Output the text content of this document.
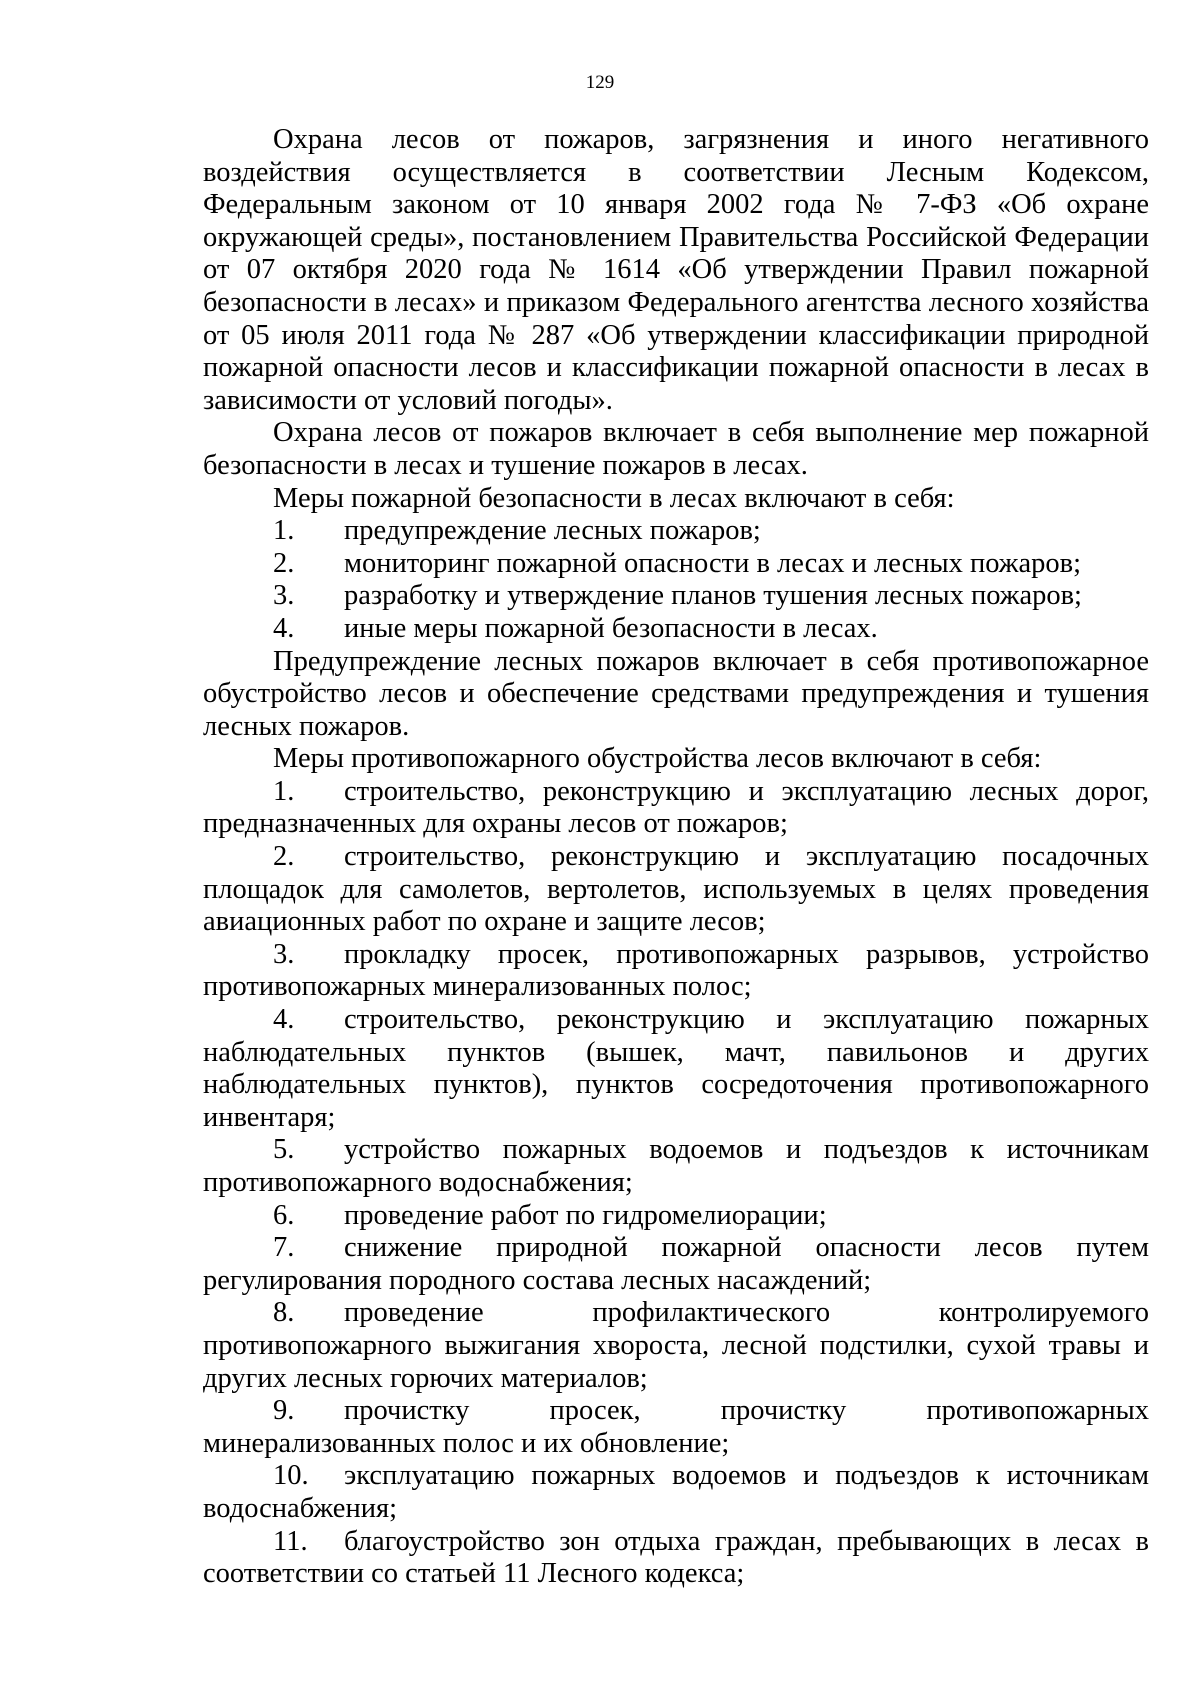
129

Охрана лесов от пожаров, загрязнения и иного негативного воздействия осуществляется в соответствии Лесным Кодексом, Федеральным законом от 10 января 2002 года № 7-ФЗ «Об охране окружающей среды», постановлением Правительства Российской Федерации от 07 октября 2020 года № 1614 «Об утверждении Правил пожарной безопасности в лесах» и приказом Федерального агентства лесного хозяйства от 05 июля 2011 года № 287 «Об утверждении классификации природной пожарной опасности лесов и классификации пожарной опасности в лесах в зависимости от условий погоды».

Охрана лесов от пожаров включает в себя выполнение мер пожарной безопасности в лесах и тушение пожаров в лесах.

Меры пожарной безопасности в лесах включают в себя:

1. предупреждение лесных пожаров;

2. мониторинг пожарной опасности в лесах и лесных пожаров;

3. разработку и утверждение планов тушения лесных пожаров;

4. иные меры пожарной безопасности в лесах.

Предупреждение лесных пожаров включает в себя противопожарное обустройство лесов и обеспечение средствами предупреждения и тушения лесных пожаров.

Меры противопожарного обустройства лесов включают в себя:

1. строительство, реконструкцию и эксплуатацию лесных дорог, предназначенных для охраны лесов от пожаров;

2. строительство, реконструкцию и эксплуатацию посадочных площадок для самолетов, вертолетов, используемых в целях проведения авиационных работ по охране и защите лесов;

3. прокладку просек, противопожарных разрывов, устройство противопожарных минерализованных полос;

4. строительство, реконструкцию и эксплуатацию пожарных наблюдательных пунктов (вышек, мачт, павильонов и других наблюдательных пунктов), пунктов сосредоточения противопожарного инвентаря;

5. устройство пожарных водоемов и подъездов к источникам противопожарного водоснабжения;

6. проведение работ по гидромелиорации;

7. снижение природной пожарной опасности лесов путем регулирования породного состава лесных насаждений;

8. проведение профилактического контролируемого противопожарного выжигания хвороста, лесной подстилки, сухой травы и других лесных горючих материалов;

9. прочистку просек, прочистку противопожарных минерализованных полос и их обновление;

10. эксплуатацию пожарных водоемов и подъездов к источникам водоснабжения;

11. благоустройство зон отдыха граждан, пребывающих в лесах в соответствии со статьей 11 Лесного кодекса;
